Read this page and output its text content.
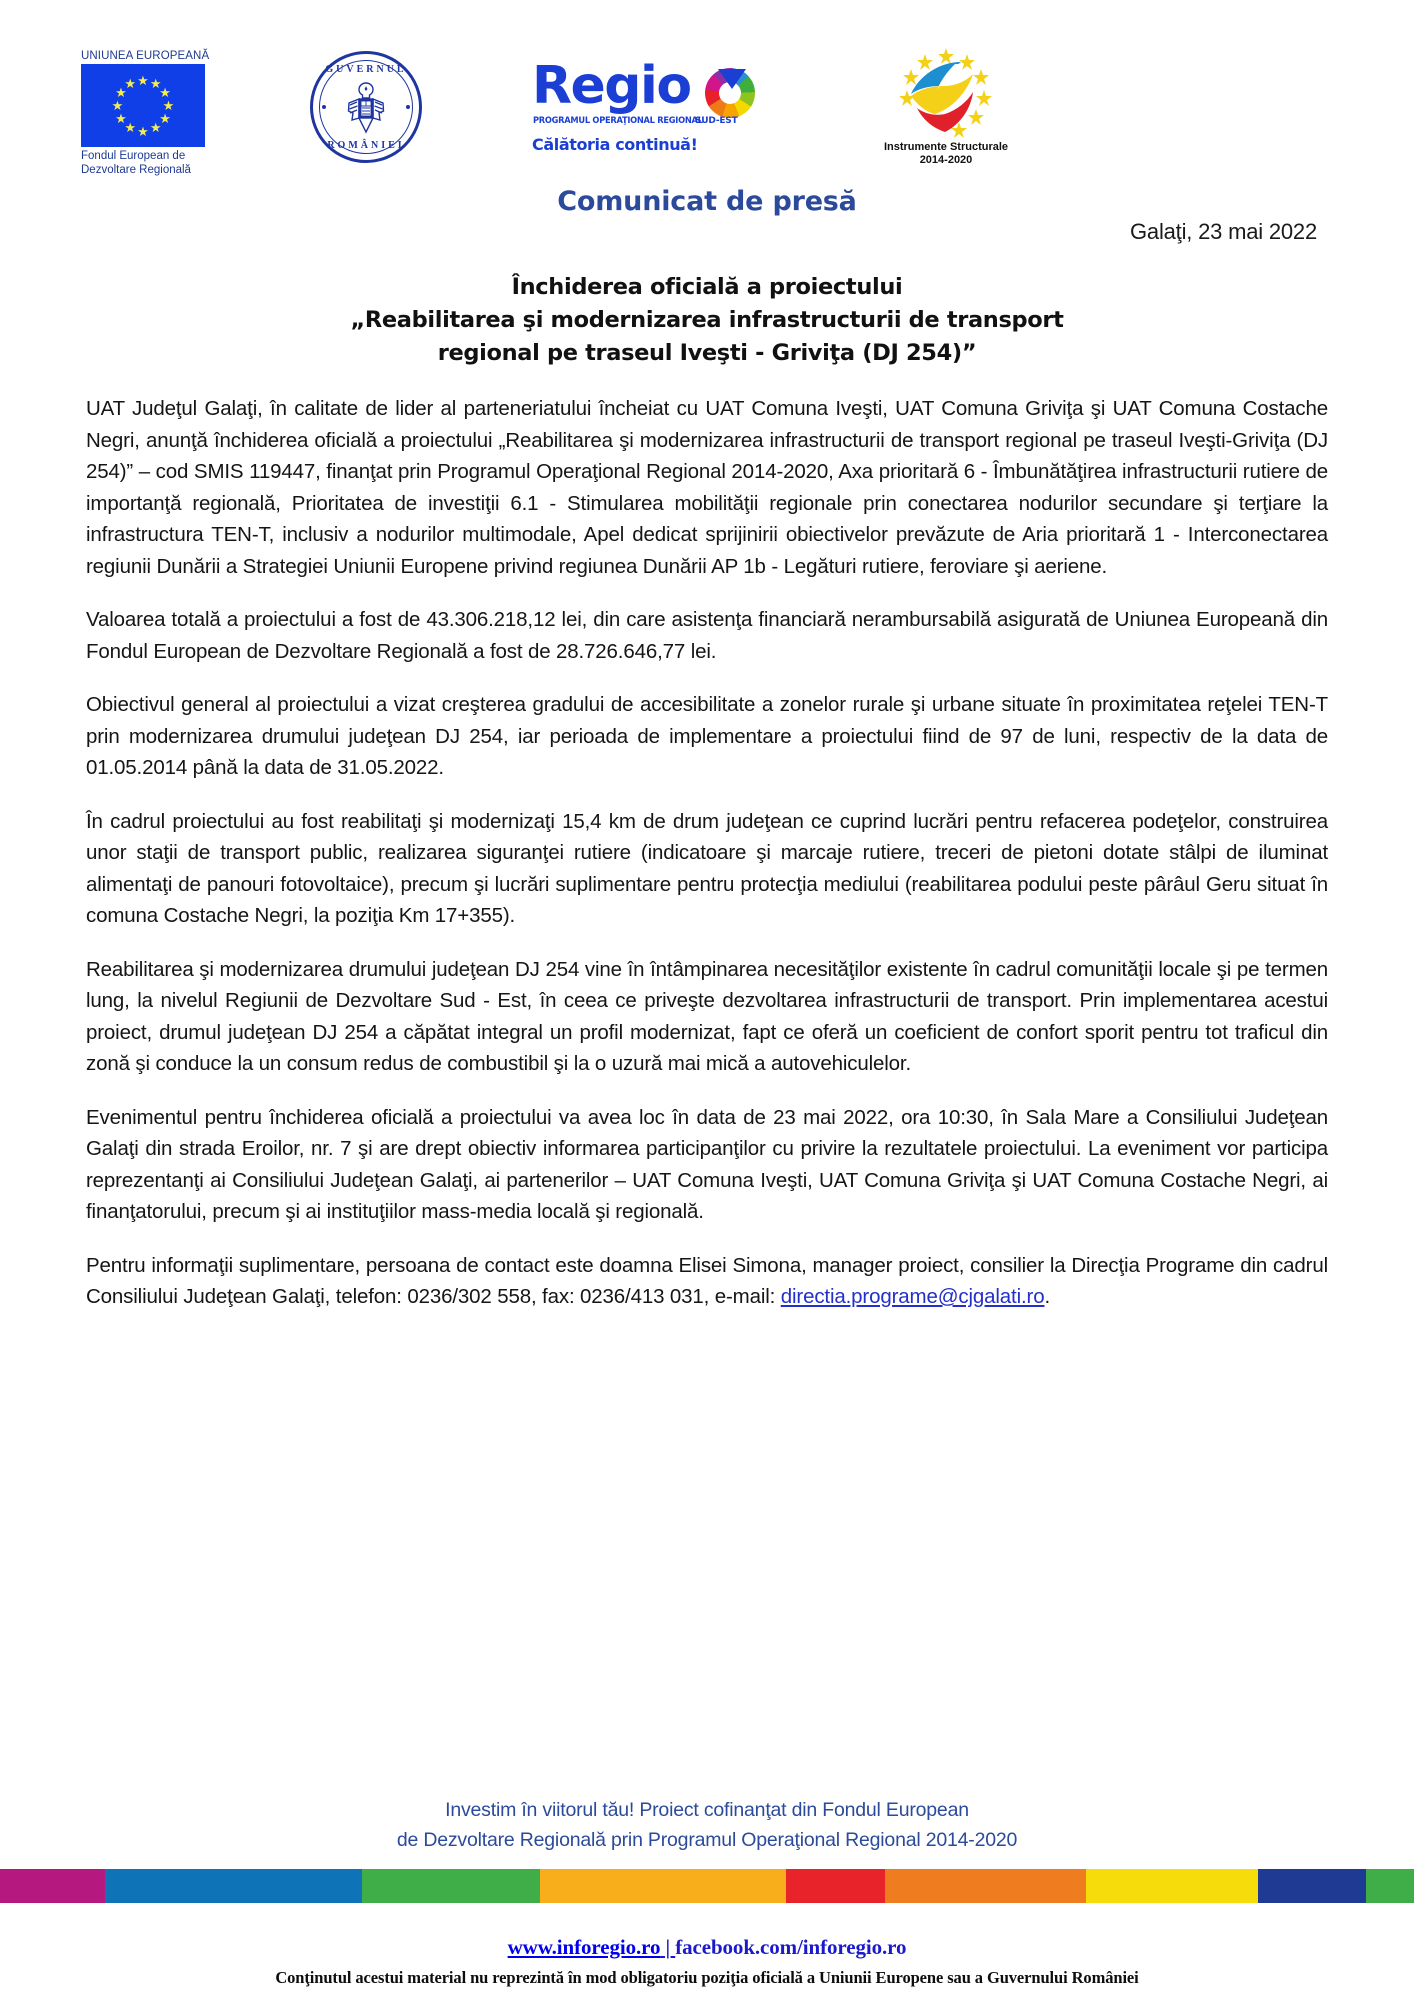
UNIUNEA EUROPEANĂ
★ ★
★
★
★
★
★
★
★
★
★
★
Fondul European de
Dezvoltare Regională
GUVERNUL
ROMÂNIEI
Regio
PROGRAMUL OPERAŢIONAL REGIONAL
SUD-EST
Călătoria continuă!	Instrumente Structurale
2014-2020
Comunicat de presă
Galaţi, 23 mai 2022
Închiderea oficială a proiectului
„Reabilitarea şi modernizarea infrastructurii de transport
regional pe traseul Iveşti - Griviţa (DJ 254)”

UAT Judeţul Galaţi, în calitate de lider al parteneriatului încheiat cu UAT Comuna Iveşti, UAT Comuna Griviţa şi UAT Comuna Costache Negri, anunţă închiderea oficială a proiectului „Reabilitarea şi modernizarea infrastructurii de transport regional pe traseul Iveşti-Griviţa (DJ 254)” – cod SMIS 119447, finanţat prin Programul Operaţional Regional 2014-2020, Axa prioritară 6 - Îmbunătăţirea infrastructurii rutiere de importanţă regională, Prioritatea de investiţii 6.1 - Stimularea mobilităţii regionale prin conectarea nodurilor secundare şi terţiare la infrastructura TEN-T, inclusiv a nodurilor multimodale, Apel dedicat sprijinirii obiectivelor prevăzute de Aria prioritară 1 - Interconectarea regiunii Dunării a Strategiei Uniunii Europene privind regiunea Dunării AP 1b - Legături rutiere, feroviare şi aeriene.

Valoarea totală a proiectului a fost de 43.306.218,12 lei, din care asistenţa financiară nerambursabilă asigurată de Uniunea Europeană din Fondul European de Dezvoltare Regională a fost de 28.726.646,77 lei.

Obiectivul general al proiectului a vizat creşterea gradului de accesibilitate a zonelor rurale şi urbane situate în proximitatea reţelei TEN-T prin modernizarea drumului judeţean DJ 254, iar perioada de implementare a proiectului fiind de 97 de luni, respectiv de la data de 01.05.2014 până la data de 31.05.2022.

În cadrul proiectului au fost reabilitaţi şi modernizaţi 15,4 km de drum judeţean ce cuprind lucrări pentru refacerea podeţelor, construirea unor staţii de transport public, realizarea siguranţei rutiere (indicatoare şi marcaje rutiere, treceri de pietoni dotate stâlpi de iluminat alimentaţi de panouri fotovoltaice), precum şi lucrări suplimentare pentru protecţia mediului (reabilitarea podului peste pârâul Geru situat în comuna Costache Negri, la poziţia Km 17+355).

Reabilitarea şi modernizarea drumului judeţean DJ 254 vine în întâmpinarea necesităţilor existente în cadrul comunităţii locale şi pe termen lung, la nivelul Regiunii de Dezvoltare Sud - Est, în ceea ce priveşte dezvoltarea infrastructurii de transport. Prin implementarea acestui proiect, drumul judeţean DJ 254 a căpătat integral un profil modernizat, fapt ce oferă un coeficient de confort sporit pentru tot traficul din zonă şi conduce la un consum redus de combustibil şi la o uzură mai mică a autovehiculelor.

Evenimentul pentru închiderea oficială a proiectului va avea loc în data de 23 mai 2022, ora 10:30, în Sala Mare a Consiliului Judeţean Galaţi din strada Eroilor, nr. 7 şi are drept obiectiv informarea participanţilor cu privire la rezultatele proiectului. La eveniment vor participa reprezentanţi ai Consiliului Judeţean Galaţi, ai partenerilor – UAT Comuna Iveşti, UAT Comuna Griviţa şi UAT Comuna Costache Negri, ai finanţatorului, precum şi ai instituţiilor mass-media locală şi regională.

Pentru informaţii suplimentare, persoana de contact este doamna Elisei Simona, manager proiect, consilier la Direcţia Programe din cadrul Consiliului Judeţean Galaţi, telefon: 0236/302 558, fax: 0236/413 031, e-mail: directia.programe@cjgalati.ro.

Investim în viitorul tău! Proiect cofinanţat din Fondul European
de Dezvoltare Regională prin Programul Operaţional Regional 2014-2020
www.inforegio.ro | facebook.com/inforegio.ro
Conţinutul acestui material nu reprezintă în mod obligatoriu poziţia oficială a Uniunii Europene sau a Guvernului României
